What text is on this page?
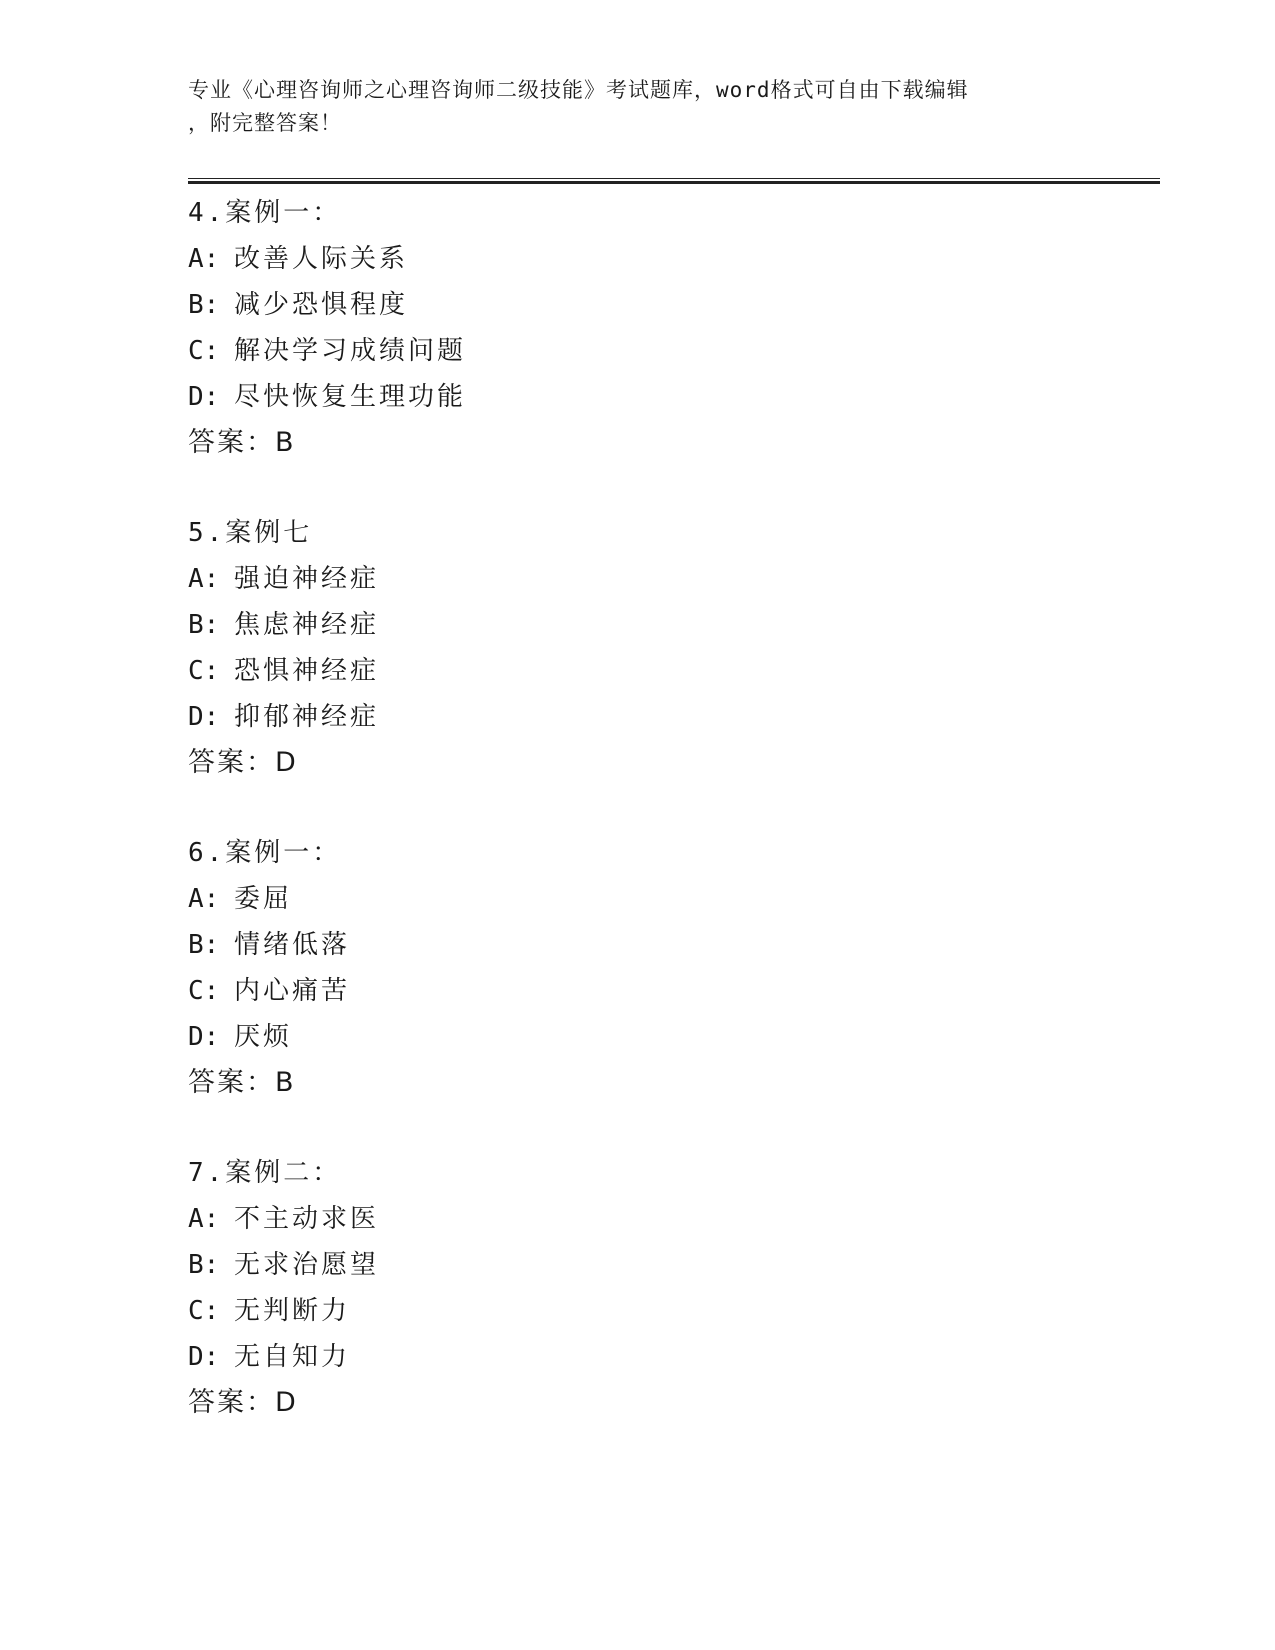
专业《心理咨询师之心理咨询师二级技能》考试题库，word格式可自由下载编辑
，附完整答案！
4.案例一：
A: 改善人际关系
B: 减少恐惧程度
C: 解决学习成绩问题
D: 尽快恢复生理功能
答案：B
5.案例七
A: 强迫神经症
B: 焦虑神经症
C: 恐惧神经症
D: 抑郁神经症
答案：D
6.案例一：
A: 委屈
B: 情绪低落
C: 内心痛苦
D: 厌烦
答案：B
7.案例二：
A: 不主动求医
B: 无求治愿望
C: 无判断力
D: 无自知力
答案：D
